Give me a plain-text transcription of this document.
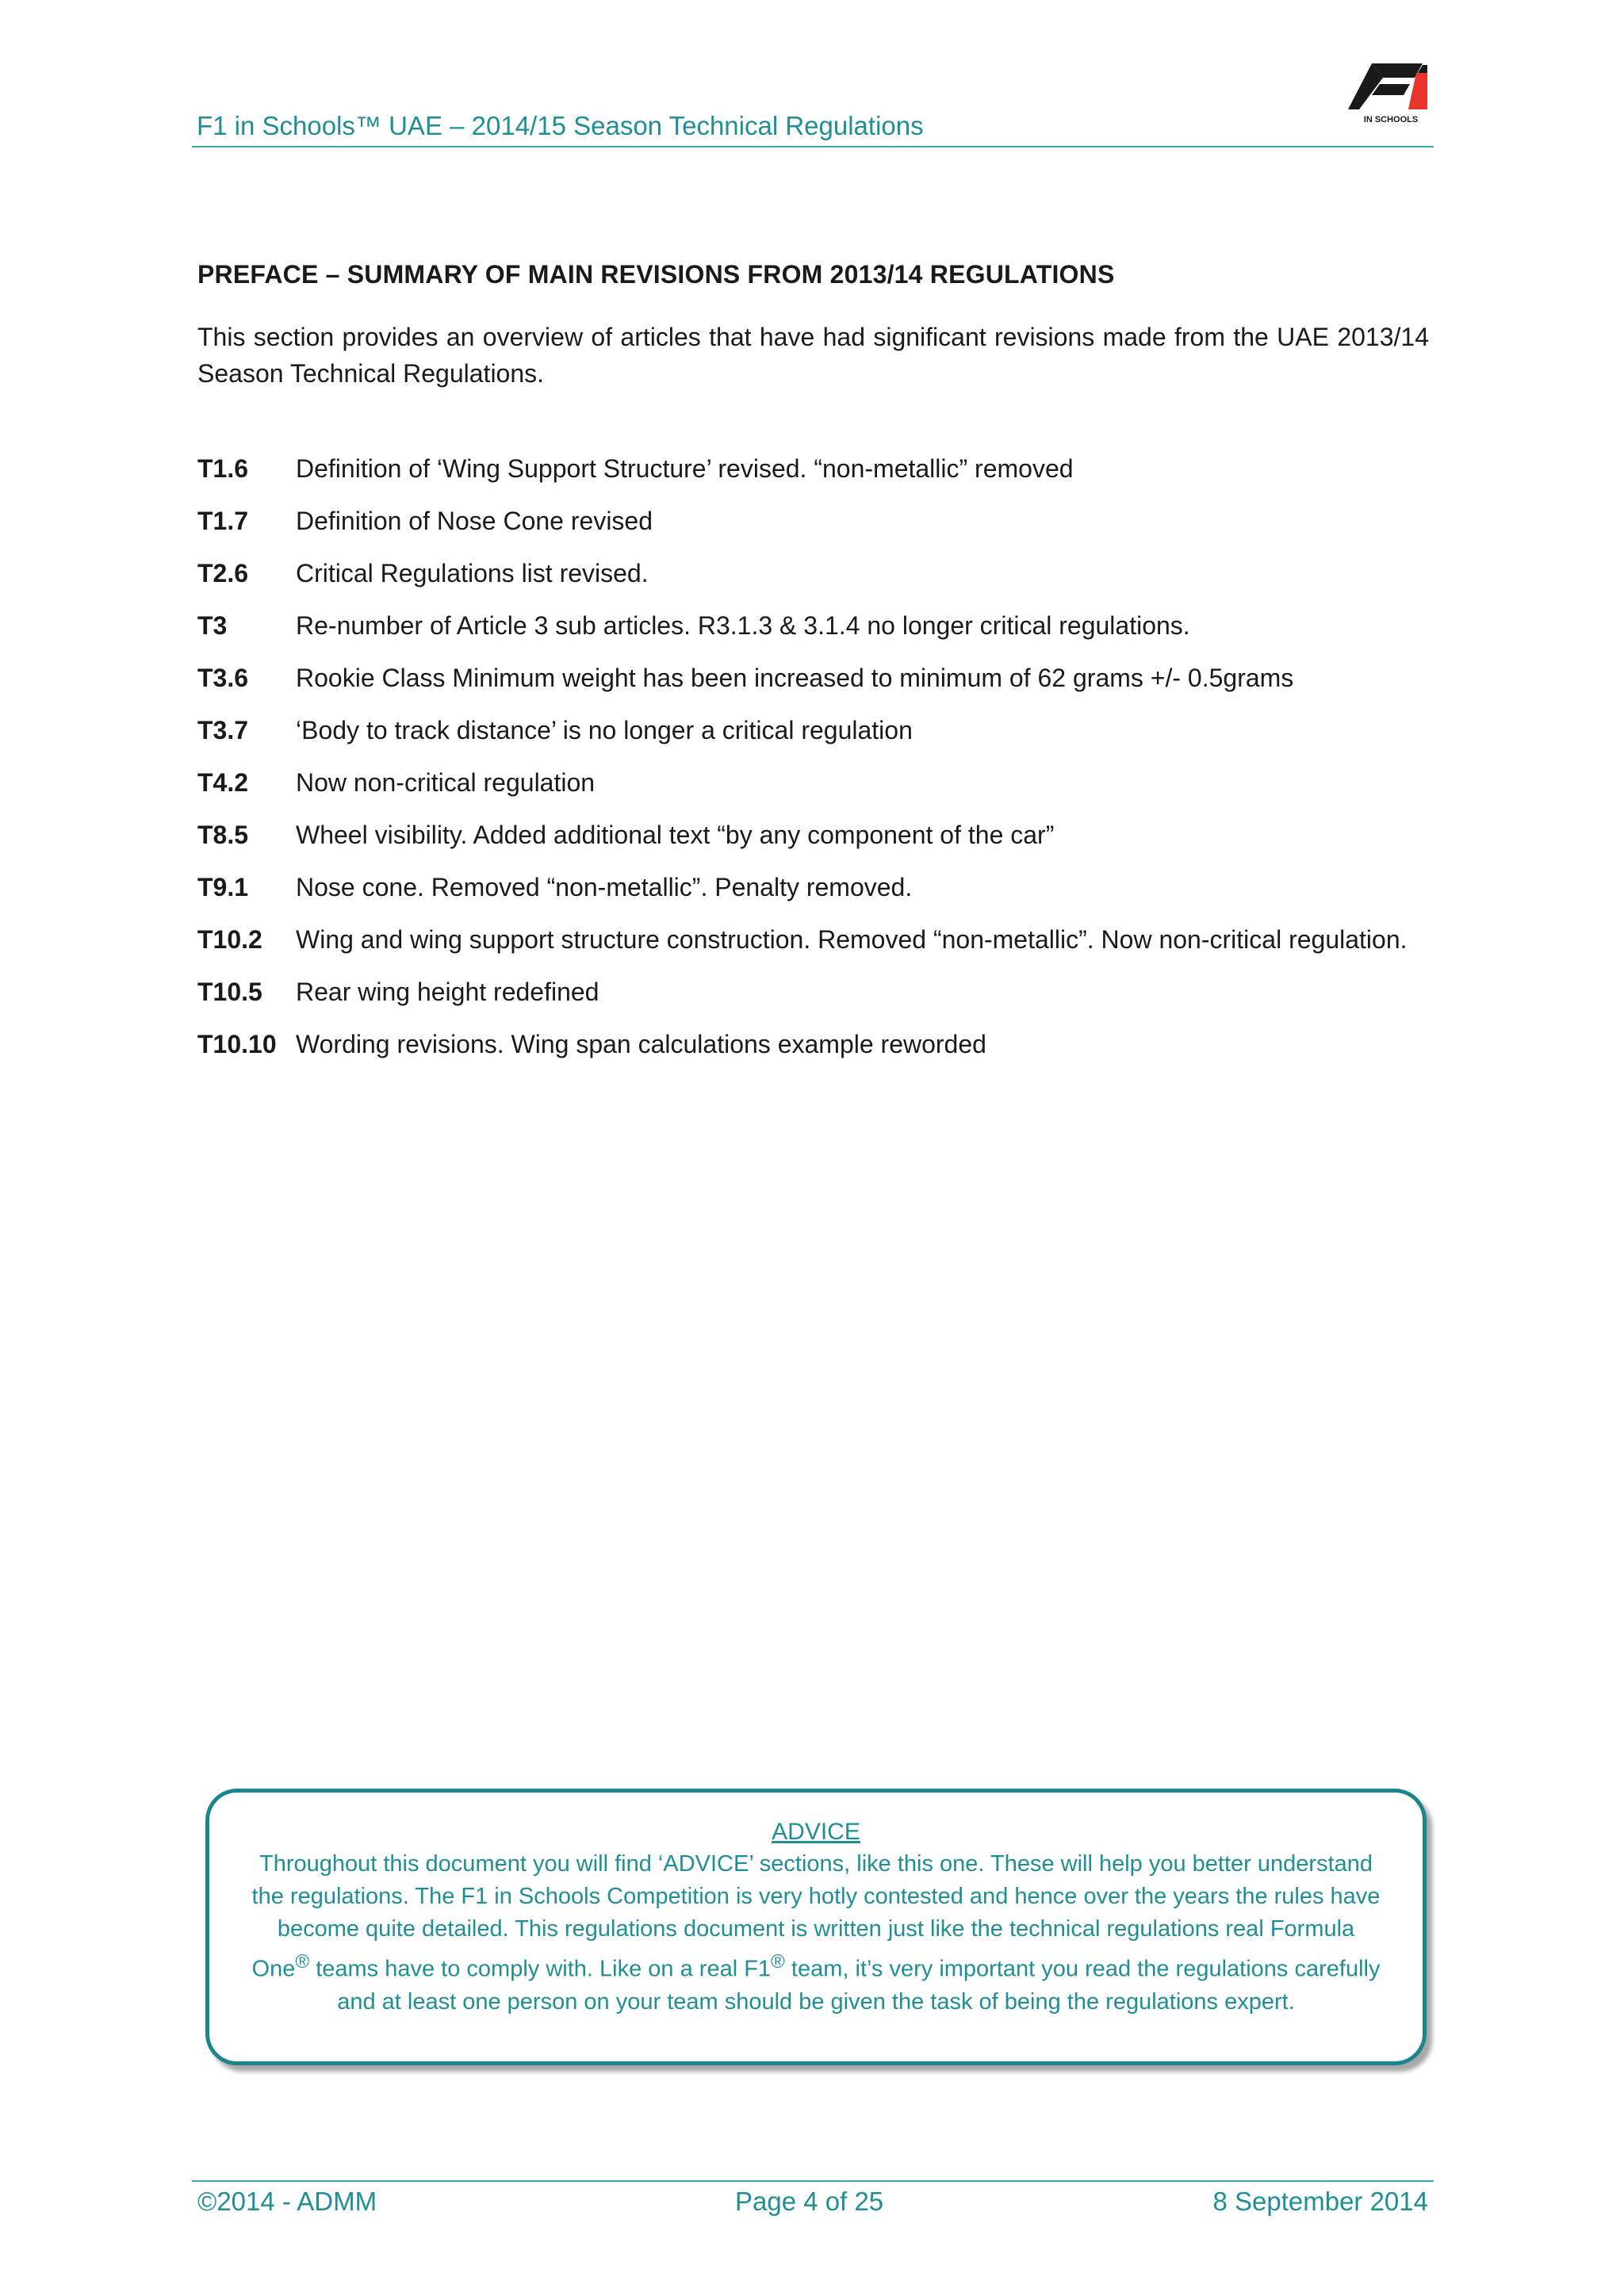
F1 in Schools™ UAE – 2014/15 Season Technical Regulations	IN SCHOOLS
PREFACE – SUMMARY OF MAIN REVISIONS FROM 2013/14 REGULATIONS
This section provides an overview of articles that have had significant revisions made from the UAE 2013/14 Season Technical Regulations.
T1.6	Definition of ‘Wing Support Structure’ revised. “non-metallic” removed
T1.7	Definition of Nose Cone revised
T2.6	Critical Regulations list revised.
T3	Re-number of Article 3 sub articles. R3.1.3 & 3.1.4 no longer critical regulations.
T3.6	Rookie Class Minimum weight has been increased to minimum of 62 grams +/- 0.5grams
T3.7	‘Body to track distance’ is no longer a critical regulation
T4.2	Now non-critical regulation
T8.5	Wheel visibility. Added additional text “by any component of the car”
T9.1	Nose cone. Removed “non-metallic”. Penalty removed.
T10.2	Wing and wing support structure construction. Removed “non-metallic”. Now non-critical regulation.
T10.5	Rear wing height redefined
T10.10 Wording revisions. Wing span calculations example reworded
ADVICE
Throughout this document you will find ‘ADVICE’ sections, like this one. These will help you better understand the regulations. The F1 in Schools Competition is very hotly contested and hence over the years the rules have become quite detailed. This regulations document is written just like the technical regulations real Formula One® teams have to comply with. Like on a real F1® team, it’s very important you read the regulations carefully and at least one person on your team should be given the task of being the regulations expert.
©2014 - ADMM	Page 4 of 25	8 September 2014
